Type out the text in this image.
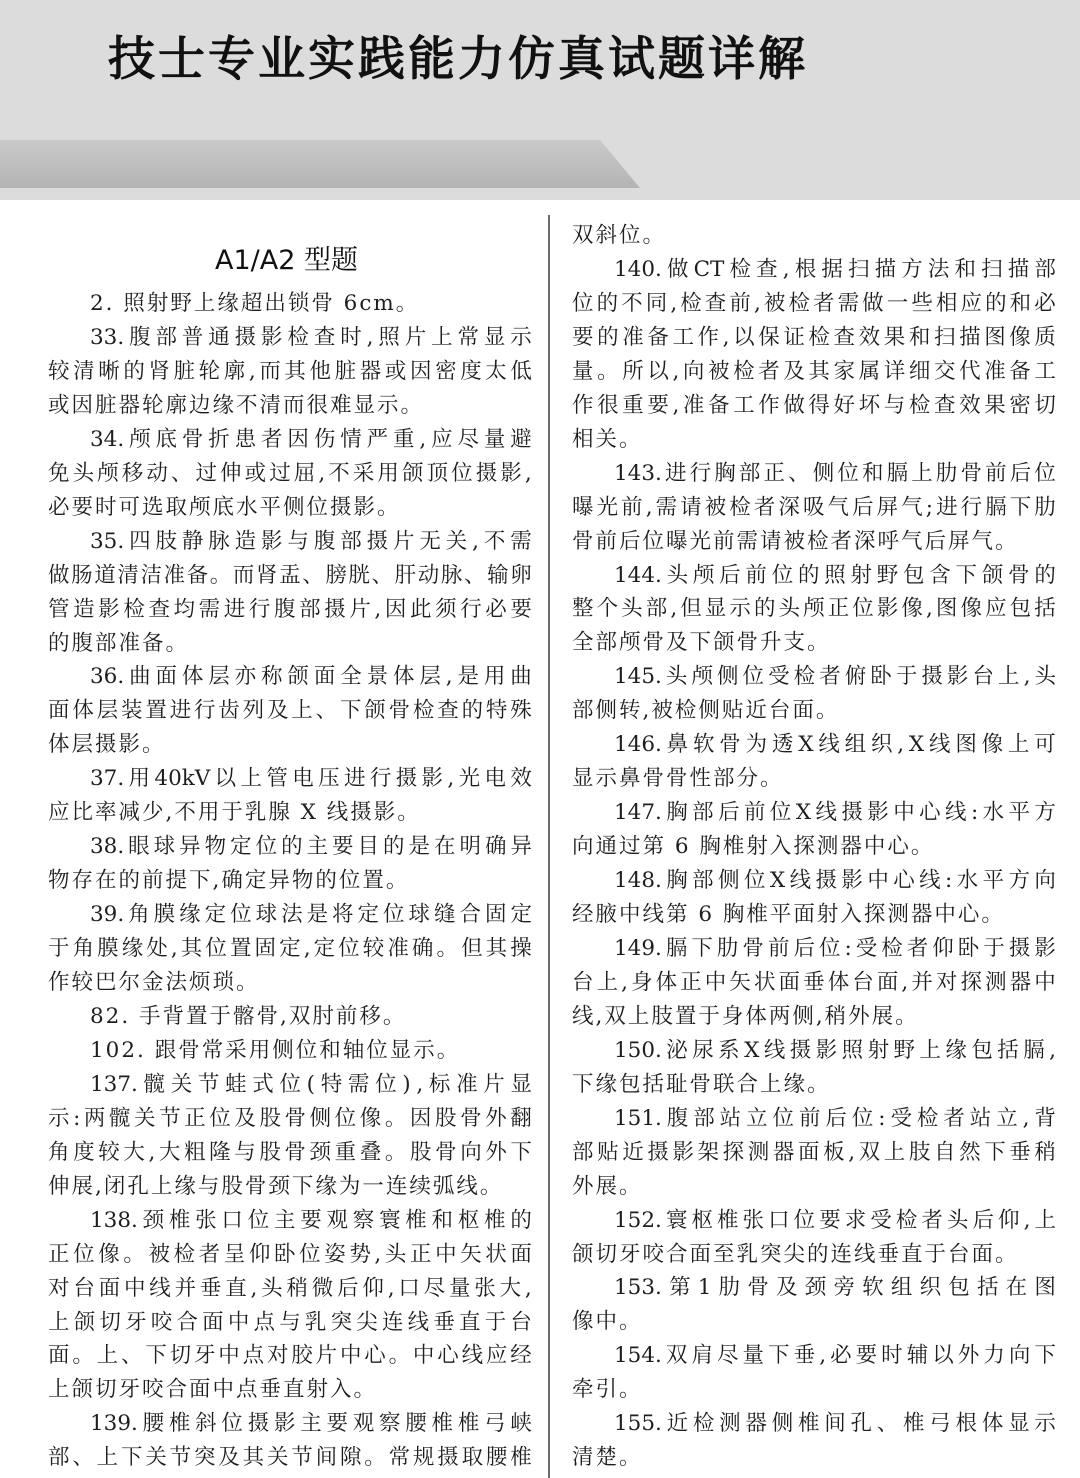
技士专业实践能力仿真试题详解
A1/A2 型题
2. 照射野上缘超出锁骨 6cm。
33. 腹 部 普 通 摄 影 检 查 时 , 照 片 上 常 显 示
较 清 晰 的 肾 脏 轮 廓 , 而 其 他 脏 器 或 因 密 度 太 低
或因脏器轮廓边缘不清而很难显示。
34. 颅 底 骨 折 患 者 因 伤 情 严 重 , 应 尽 量 避
免 头 颅 移 动 、 过 伸 或 过 屈 , 不 采 用 颌 顶 位 摄 影 ,
必要时可选取颅底水平侧位摄影。
35. 四 肢 静 脉 造 影 与 腹 部 摄 片 无 关 , 不 需
做 肠 道 清 洁 准 备 。 而 肾 盂 、 膀 胱 、 肝 动 脉 、 输 卵
管 造 影 检 查 均 需 进 行 腹 部 摄 片 , 因 此 须 行 必 要
的腹部准备。
36. 曲 面 体 层 亦 称 颌 面 全 景 体 层 , 是 用 曲
面 体 层 装 置 进 行 齿 列 及 上 、 下 颌 骨 检 查 的 特 殊
体层摄影。
37. 用 40kV 以 上 管 电 压 进 行 摄 影 , 光 电 效
应比率减少,不用于乳腺 X 线摄影。
38. 眼 球 异 物 定 位 的 主 要 目 的 是 在 明 确 异
物存在的前提下,确定异物的位置。
39. 角 膜 缘 定 位 球 法 是 将 定 位 球 缝 合 固 定
于 角 膜 缘 处 , 其 位 置 固 定 , 定 位 较 准 确 。 但 其 操
作较巴尔金法烦琐。
82. 手背置于髂骨,双肘前移。
102. 跟骨常采用侧位和轴位显示。
137. 髋 关 节 蛙 式 位 ( 特 需 位 ) , 标 准 片 显
示 : 两 髋 关 节 正 位 及 股 骨 侧 位 像 。 因 股 骨 外 翻
角 度 较 大 , 大 粗 隆 与 股 骨 颈 重 叠 。 股 骨 向 外 下
伸展,闭孔上缘与股骨颈下缘为一连续弧线。
138. 颈 椎 张 口 位 主 要 观 察 寰 椎 和 枢 椎 的
正 位 像 。 被 检 者 呈 仰 卧 位 姿 势 , 头 正 中 矢 状 面
对 台 面 中 线 并 垂 直 , 头 稍 微 后 仰 , 口 尽 量 张 大 ,
上 颌 切 牙 咬 合 面 中 点 与 乳 突 尖 连 线 垂 直 于 台
面 。 上 、 下 切 牙 中 点 对 胶 片 中 心 。 中 心 线 应 经
上颌切牙咬合面中点垂直射入。
139. 腰 椎 斜 位 摄 影 主 要 观 察 腰 椎 椎 弓 峡
部 、 上 下 关 节 突 及 其 关 节 间 隙 。 常 规 摄 取 腰 椎
双斜位。
140. 做 CT 检 查 , 根 据 扫 描 方 法 和 扫 描 部
位 的 不 同 , 检 查 前 , 被 检 者 需 做 一 些 相 应 的 和 必
要 的 准 备 工 作 , 以 保 证 检 查 效 果 和 扫 描 图 像 质
量 。 所 以 , 向 被 检 者 及 其 家 属 详 细 交 代 准 备 工
作 很 重 要 , 准 备 工 作 做 得 好 坏 与 检 查 效 果 密 切
相关。
143. 进 行 胸 部 正 、 侧 位 和 膈 上 肋 骨 前 后 位
曝 光 前 , 需 请 被 检 者 深 吸 气 后 屏 气 ; 进 行 膈 下 肋
骨前后位曝光前需请被检者深呼气后屏气。
144. 头 颅 后 前 位 的 照 射 野 包 含 下 颌 骨 的
整 个 头 部 , 但 显 示 的 头 颅 正 位 影 像 , 图 像 应 包 括
全部颅骨及下颌骨升支。
145. 头 颅 侧 位 受 检 者 俯 卧 于 摄 影 台 上 , 头
部侧转,被检侧贴近台面。
146. 鼻 软 骨 为 透 X 线 组 织 , X 线 图 像 上 可
显示鼻骨骨性部分。
147. 胸 部 后 前 位 X 线 摄 影 中 心 线 : 水 平 方
向通过第 6 胸椎射入探测器中心。
148. 胸 部 侧 位 X 线 摄 影 中 心 线 : 水 平 方 向
经腋中线第 6 胸椎平面射入探测器中心。
149. 膈 下 肋 骨 前 后 位 : 受 检 者 仰 卧 于 摄 影
台 上 , 身 体 正 中 矢 状 面 垂 体 台 面 , 并 对 探 测 器 中
线,双上肢置于身体两侧,稍外展。
150. 泌 尿 系 X 线 摄 影 照 射 野 上 缘 包 括 膈 ,
下缘包括耻骨联合上缘。
151. 腹 部 站 立 位 前 后 位 : 受 检 者 站 立 , 背
部 贴 近 摄 影 架 探 测 器 面 板 , 双 上 肢 自 然 下 垂 稍
外展。
152. 寰 枢 椎 张 口 位 要 求 受 检 者 头 后 仰 , 上
颌切牙咬合面至乳突尖的连线垂直于台面。
153. 第 1 肋 骨 及 颈 旁 软 组 织 包 括 在 图
像中。
154. 双 肩 尽 量 下 垂 , 必 要 时 辅 以 外 力 向 下
牵引。
155. 近 检 测 器 侧 椎 间 孔 、 椎 弓 根 体 显 示
清楚。
